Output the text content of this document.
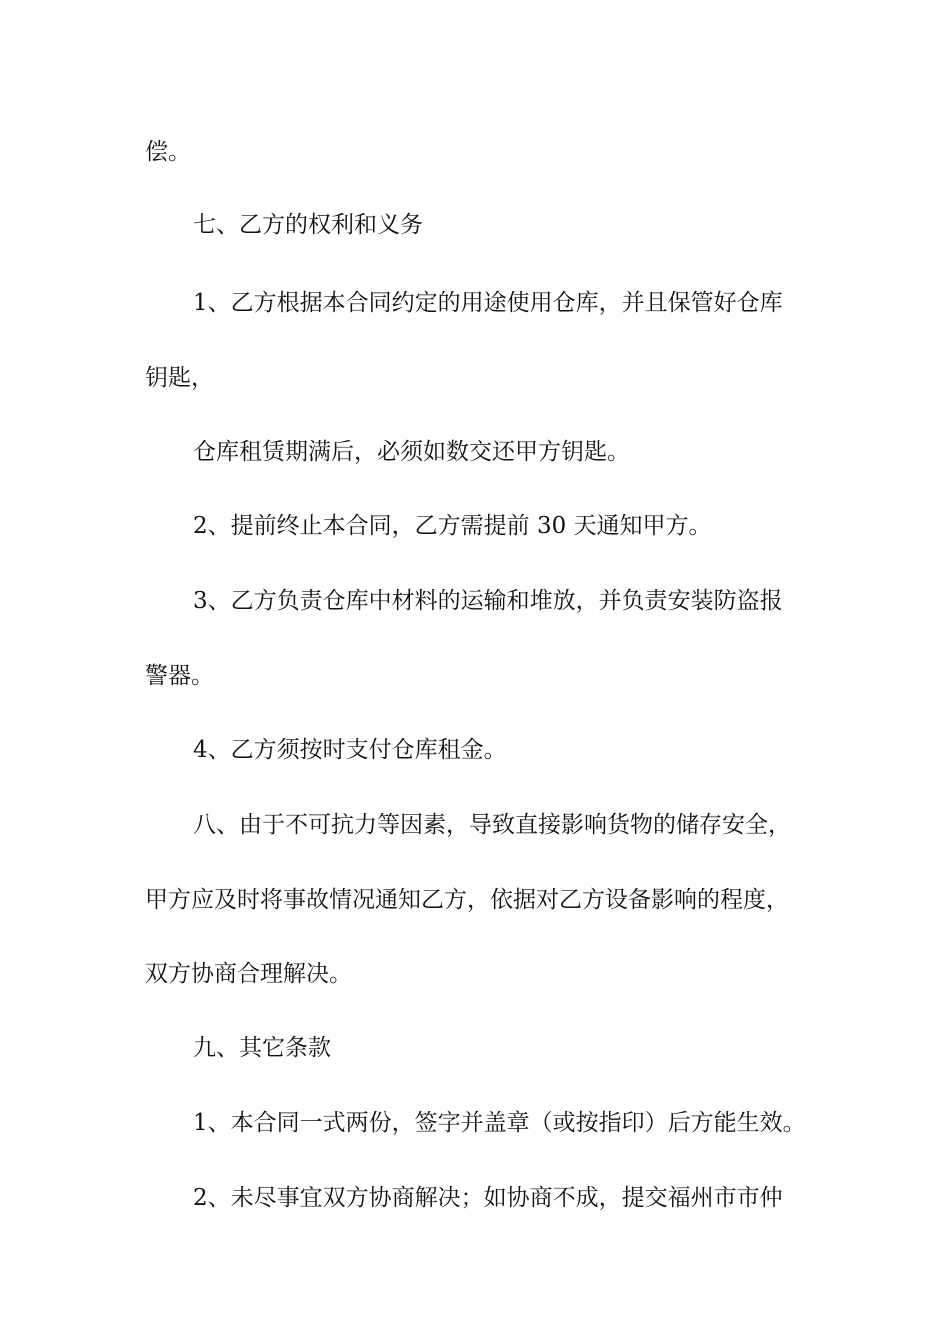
偿。
七、乙方的权利和义务
1、乙方根据本合同约定的用途使用仓库，并且保管好仓库
钥匙，
仓库租赁期满后，必须如数交还甲方钥匙。
2、提前终止本合同，乙方需提前 30 天通知甲方。
3、乙方负责仓库中材料的运输和堆放，并负责安装防盗报
警器。
4、乙方须按时支付仓库租金。
八、由于不可抗力等因素，导致直接影响货物的储存安全，
甲方应及时将事故情况通知乙方，依据对乙方设备影响的程度，
双方协商合理解决。
九、其它条款
1、本合同一式两份，签字并盖章（或按指印）后方能生效。
2、未尽事宜双方协商解决；如协商不成，提交福州市市仲
